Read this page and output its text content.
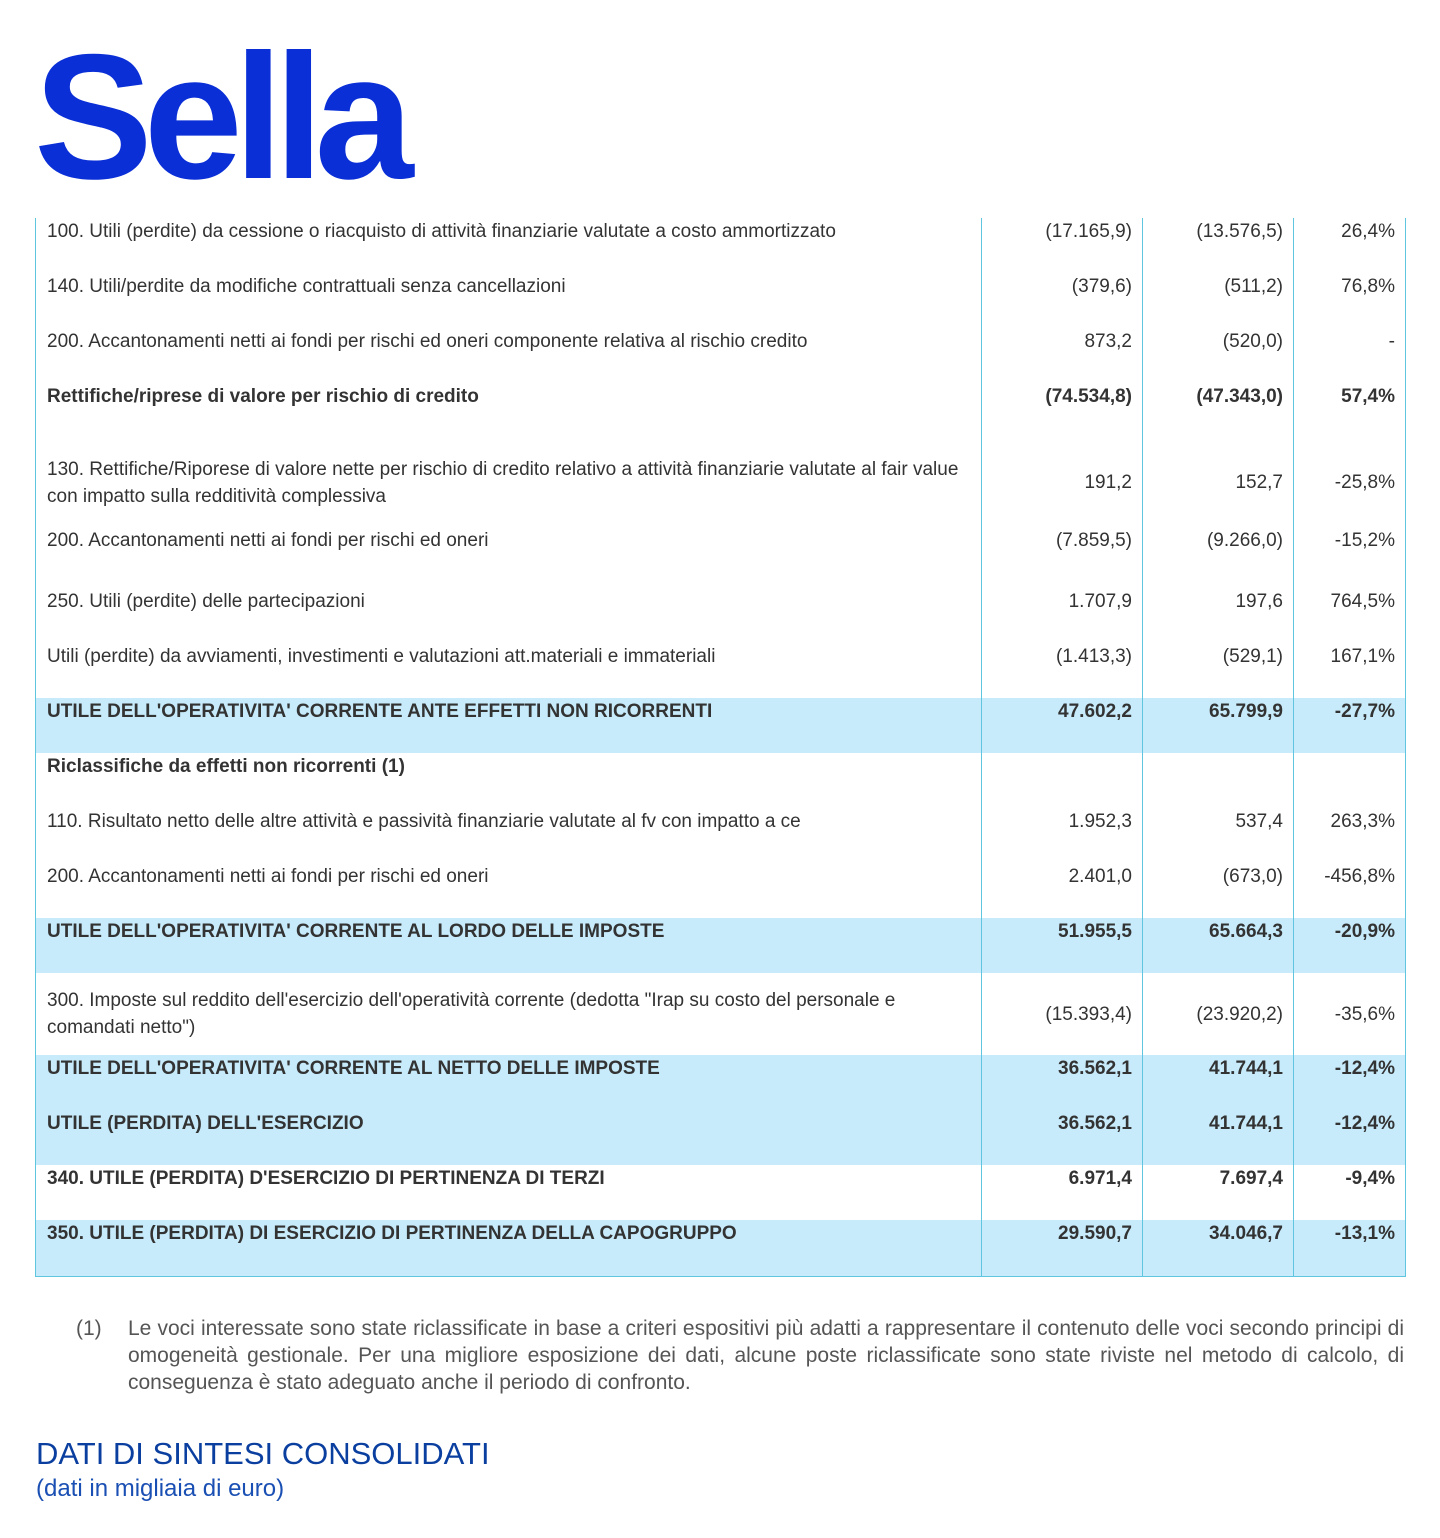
Sella
100. Utili (perdite) da cessione o riacquisto di attività finanziarie valutate a costo ammortizzato	(17.165,9)	(13.576,5)	26,4%
140. Utili/perdite da modifiche contrattuali senza cancellazioni	(379,6)	(511,2)	76,8%
200. Accantonamenti netti ai fondi per rischi ed oneri componente relativa al rischio credito	873,2	(520,0)	-
Rettifiche/riprese di valore per rischio di credito	(74.534,8)	(47.343,0)	57,4%
130. Rettifiche/Riporese di valore nette per rischio di credito relativo a attività finanziarie valutate al fair value con impatto sulla redditività complessiva	191,2	152,7	-25,8%
200. Accantonamenti netti ai fondi per rischi ed oneri	(7.859,5)	(9.266,0)	-15,2%
250. Utili (perdite) delle partecipazioni	1.707,9	197,6	764,5%
Utili (perdite) da avviamenti, investimenti e valutazioni att.materiali e immateriali	(1.413,3)	(529,1)	167,1%
UTILE DELL'OPERATIVITA' CORRENTE ANTE EFFETTI NON RICORRENTI	47.602,2	65.799,9	-27,7%
Riclassifiche da effetti non ricorrenti (1)			
110. Risultato netto delle altre attività e passività finanziarie valutate al fv con impatto a ce	1.952,3	537,4	263,3%
200. Accantonamenti netti ai fondi per rischi ed oneri	2.401,0	(673,0)	-456,8%
UTILE DELL'OPERATIVITA' CORRENTE AL LORDO DELLE IMPOSTE	51.955,5	65.664,3	-20,9%
300. Imposte sul reddito dell'esercizio dell'operatività corrente (dedotta "Irap su costo del personale e comandati netto")	(15.393,4)	(23.920,2)	-35,6%
UTILE DELL'OPERATIVITA' CORRENTE AL NETTO DELLE IMPOSTE	36.562,1	41.744,1	-12,4%
UTILE (PERDITA) DELL'ESERCIZIO	36.562,1	41.744,1	-12,4%
340. UTILE (PERDITA) D'ESERCIZIO DI PERTINENZA DI TERZI	6.971,4	7.697,4	-9,4%
350. UTILE (PERDITA) DI ESERCIZIO DI PERTINENZA DELLA CAPOGRUPPO	29.590,7	34.046,7	-13,1%
(1) Le voci interessate sono state riclassificate in base a criteri espositivi più adatti a rappresentare il contenuto delle voci secondo principi di omogeneità gestionale. Per una migliore esposizione dei dati, alcune poste riclassificate sono state riviste nel metodo di calcolo, di conseguenza è stato adeguato anche il periodo di confronto.
DATI DI SINTESI CONSOLIDATI
(dati in migliaia di euro)
